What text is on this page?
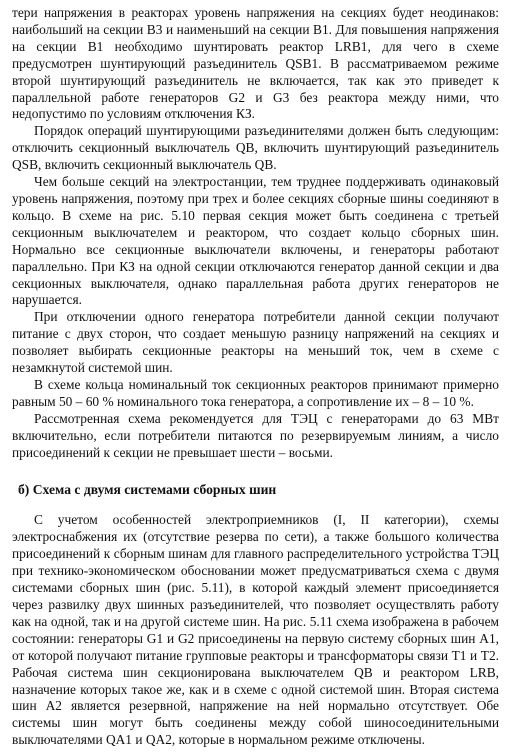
тери напряжения в реакторах уровень напряжения на секциях будет неодинаков: наибольший на секции B3 и наименьший на секции B1. Для повышения напряжения на секции B1 необходимо шунтировать реактор LRB1, для чего в схеме предусмотрен шунтирующий разъединитель QSB1. В рассматриваемом режиме второй шунтирующий разъединитель не включается, так как это приведет к параллельной работе генераторов G2 и G3 без реактора между ними, что недопустимо по условиям отключения КЗ.

Порядок операций шунтирующими разъединителями должен быть следующим: отключить секционный выключатель QB, включить шунтирующий разъединитель QSB, включить секционный выключатель QB.

Чем больше секций на электростанции, тем труднее поддерживать одинаковый уровень напряжения, поэтому при трех и более секциях сборные шины соединяют в кольцо. В схеме на рис. 5.10 первая секция может быть соединена с третьей секционным выключателем и реактором, что создает кольцо сборных шин. Нормально все секционные выключатели включены, и генераторы работают параллельно. При КЗ на одной секции отключаются генератор данной секции и два секционных выключателя, однако параллельная работа других генераторов не нарушается.

При отключении одного генератора потребители данной секции получают питание с двух сторон, что создает меньшую разницу напряжений на секциях и позволяет выбирать секционные реакторы на меньший ток, чем в схеме с незамкнутой системой шин.

В схеме кольца номинальный ток секционных реакторов принимают примерно равным 50 – 60 % номинального тока генератора, а сопротивление их – 8 – 10 %.

Рассмотренная схема рекомендуется для ТЭЦ с генераторами до 63 МВт включительно, если потребители питаются по резервируемым линиям, а число присоединений к секции не превышает шести – восьми.

б) Схема с двумя системами сборных шин

С учетом особенностей электроприемников (I, II категории), схемы электроснабжения их (отсутствие резерва по сети), а также большого количества присоединений к сборным шинам для главного распределительного устройства ТЭЦ при технико-экономическом обосновании может предусматриваться схема с двумя системами сборных шин (рис. 5.11), в которой каждый элемент присоединяется через развилку двух шинных разъединителей, что позволяет осуществлять работу как на одной, так и на другой системе шин. На рис. 5.11 схема изображена в рабочем состоянии: генераторы G1 и G2 присоединены на первую систему сборных шин A1, от которой получают питание групповые реакторы и трансформаторы связи T1 и T2. Рабочая система шин секционирована выключателем QB и реактором LRB, назначение которых такое же, как и в схеме с одной системой шин. Вторая система шин A2 является резервной, напряжение на ней нормально отсутствует. Обе системы шин могут быть соединены между собой шиносоединительными выключателями QA1 и QA2, которые в нормальном режиме отключены.
